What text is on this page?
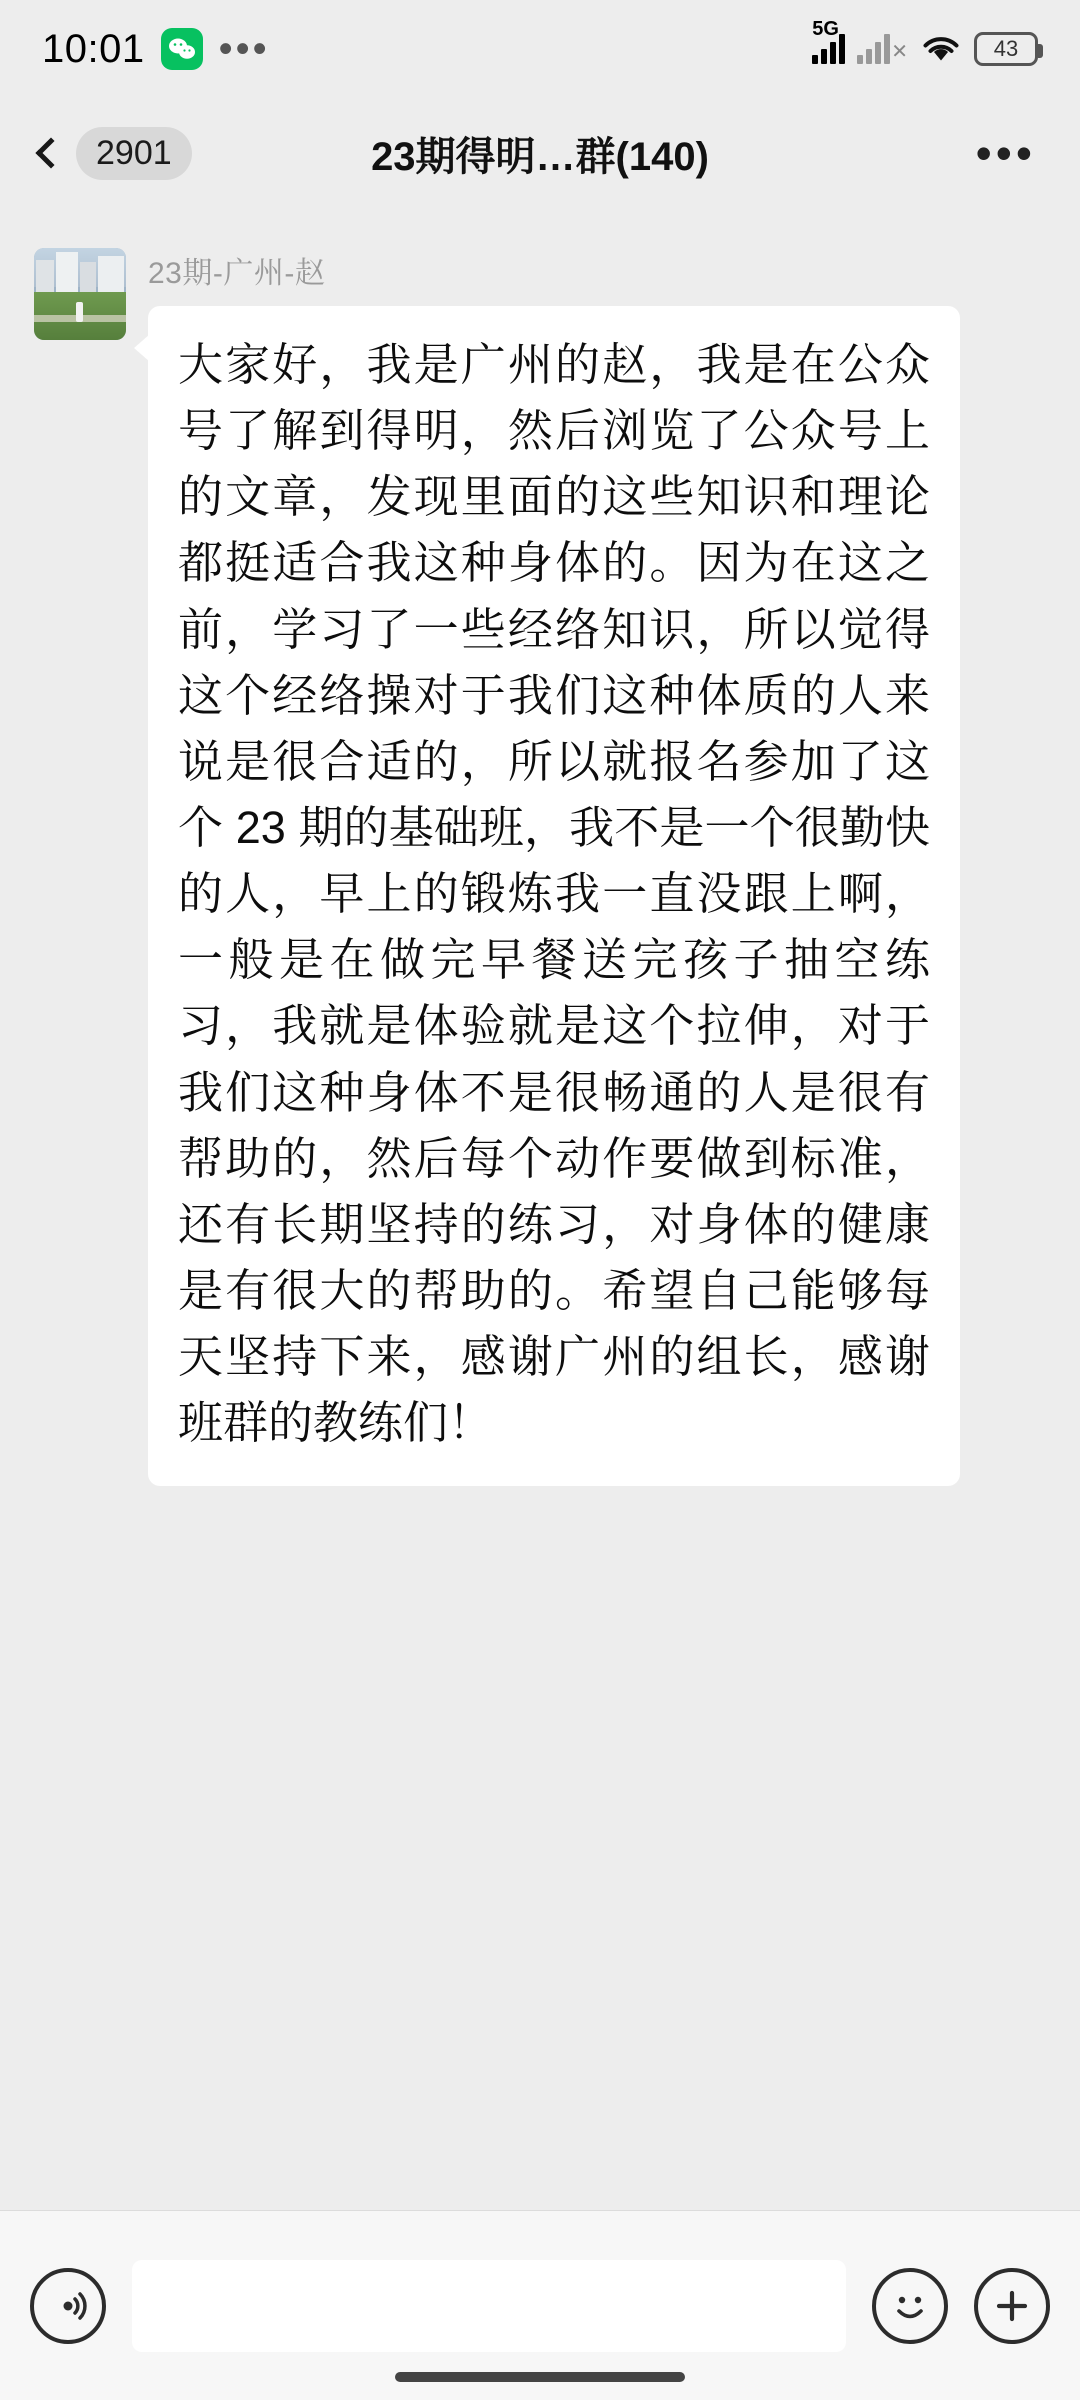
10:01 •••	5G
✕	43
2901	23期得明…群(140)	•••
23期-广州-赵
大家好，我是广州的赵，我是在公众号了解到得明，然后浏览了公众号上的文章，发现里面的这些知识和理论都挺适合我这种身体的。因为在这之前，学习了一些经络知识，所以觉得这个经络操对于我们这种体质的人来说是很合适的，所以就报名参加了这个 23 期的基础班，我不是一个很勤快的人，早上的锻炼我一直没跟上啊，一般是在做完早餐送完孩子抽空练习，我就是体验就是这个拉伸，对于我们这种身体不是很畅通的人是很有帮助的，然后每个动作要做到标准，还有长期坚持的练习，对身体的健康是有很大的帮助的。希望自己能够每天坚持下来，感谢广州的组长，感谢班群的教练们！
